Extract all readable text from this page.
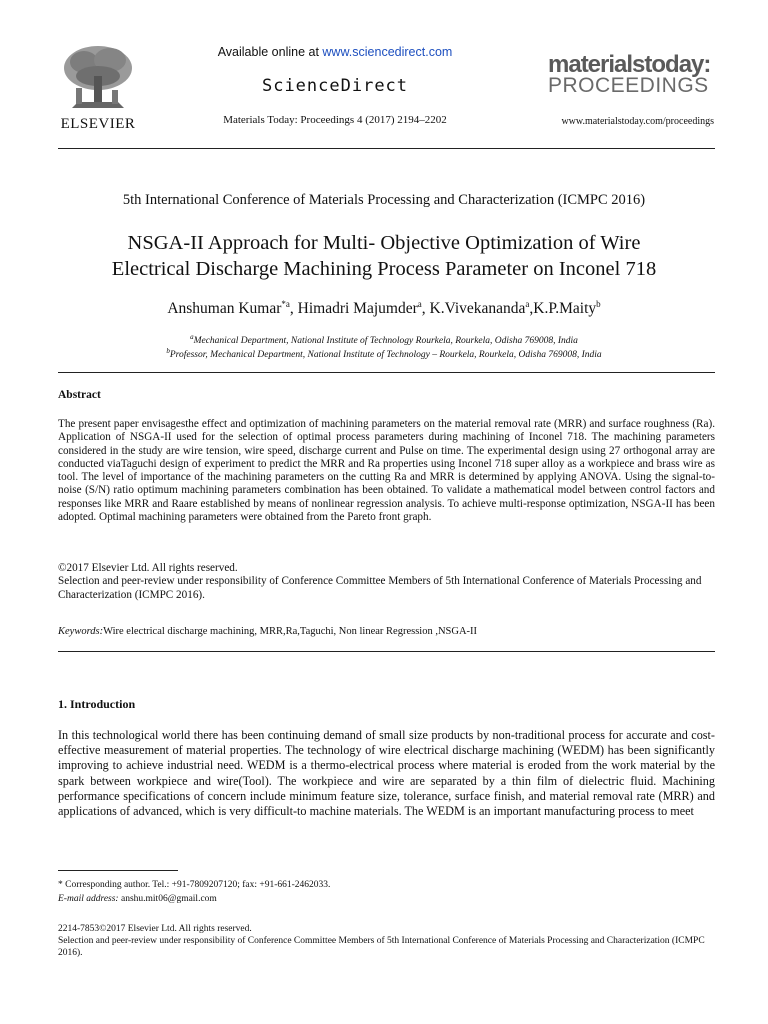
ELSEVIER
Available online at www.sciencedirect.com
ScienceDirect
Materials Today: Proceedings 4 (2017) 2194–2202
materialstoday:
PROCEEDINGS
www.materialstoday.com/proceedings
5th International Conference of Materials Processing and Characterization (ICMPC 2016)
NSGA-II Approach for Multi- Objective Optimization of Wire
Electrical Discharge Machining Process Parameter on Inconel 718
Anshuman Kumar$^{*a}$, Himadri Majumder$^a$, K.Vivekananda$^a$,K.P.Maity$^b$
$^a$Mechanical Department, National Institute of Technology Rourkela, Rourkela, Odisha 769008, India
$^b$Professor, Mechanical Department, National Institute of Technology – Rourkela, Rourkela, Odisha 769008, India
Abstract
The present paper envisagesthe effect and optimization of machining parameters on the material removal rate (MRR) and surface roughness (Ra). Application of NSGA-II used for the selection of optimal process parameters during machining of Inconel 718. The machining parameters considered in the study are wire tension, wire speed, discharge current and Pulse on time. The experimental design using 27 orthogonal array are conducted viaTaguchi design of experiment to predict the MRR and Ra properties using Inconel 718 super alloy as a workpiece and brass wire as tool. The level of importance of the machining parameters on the cutting Ra and MRR is determined by applying ANOVA. Using the signal-to-noise (S/N) ratio optimum machining parameters combination has been obtained. To validate a mathematical model between control factors and responses like MRR and Raare established by means of nonlinear regression analysis. To achieve multi-response optimization, NSGA-II has been adopted. Optimal machining parameters were obtained from the Pareto front graph.
©2017 Elsevier Ltd. All rights reserved.
Selection and peer-review under responsibility of Conference Committee Members of 5th International Conference of Materials Processing and Characterization (ICMPC 2016).
Keywords:Wire electrical discharge machining, MRR,Ra,Taguchi, Non linear Regression ,NSGA-II
1. Introduction
In this technological world there has been continuing demand of small size products by non-traditional process for accurate and cost-effective measurement of material properties. The technology of wire electrical discharge machining (WEDM) has been significantly improving to achieve industrial need. WEDM is a thermo-electrical process where material is eroded from the work material by the spark between workpiece and wire(Tool). The workpiece and wire are separated by a thin film of dielectric fluid. Machining performance specifications of concern include minimum feature size, tolerance, surface finish, and material removal rate (MRR) and applications of advanced, which is very difficult-to machine materials. The WEDM is an important manufacturing process to meet
* Corresponding author. Tel.: +91-7809207120; fax: +91-661-2462033.
E-mail address: anshu.mit06@gmail.com
2214-7853©2017 Elsevier Ltd. All rights reserved.
Selection and peer-review under responsibility of Conference Committee Members of 5th International Conference of Materials Processing and Characterization (ICMPC 2016).
